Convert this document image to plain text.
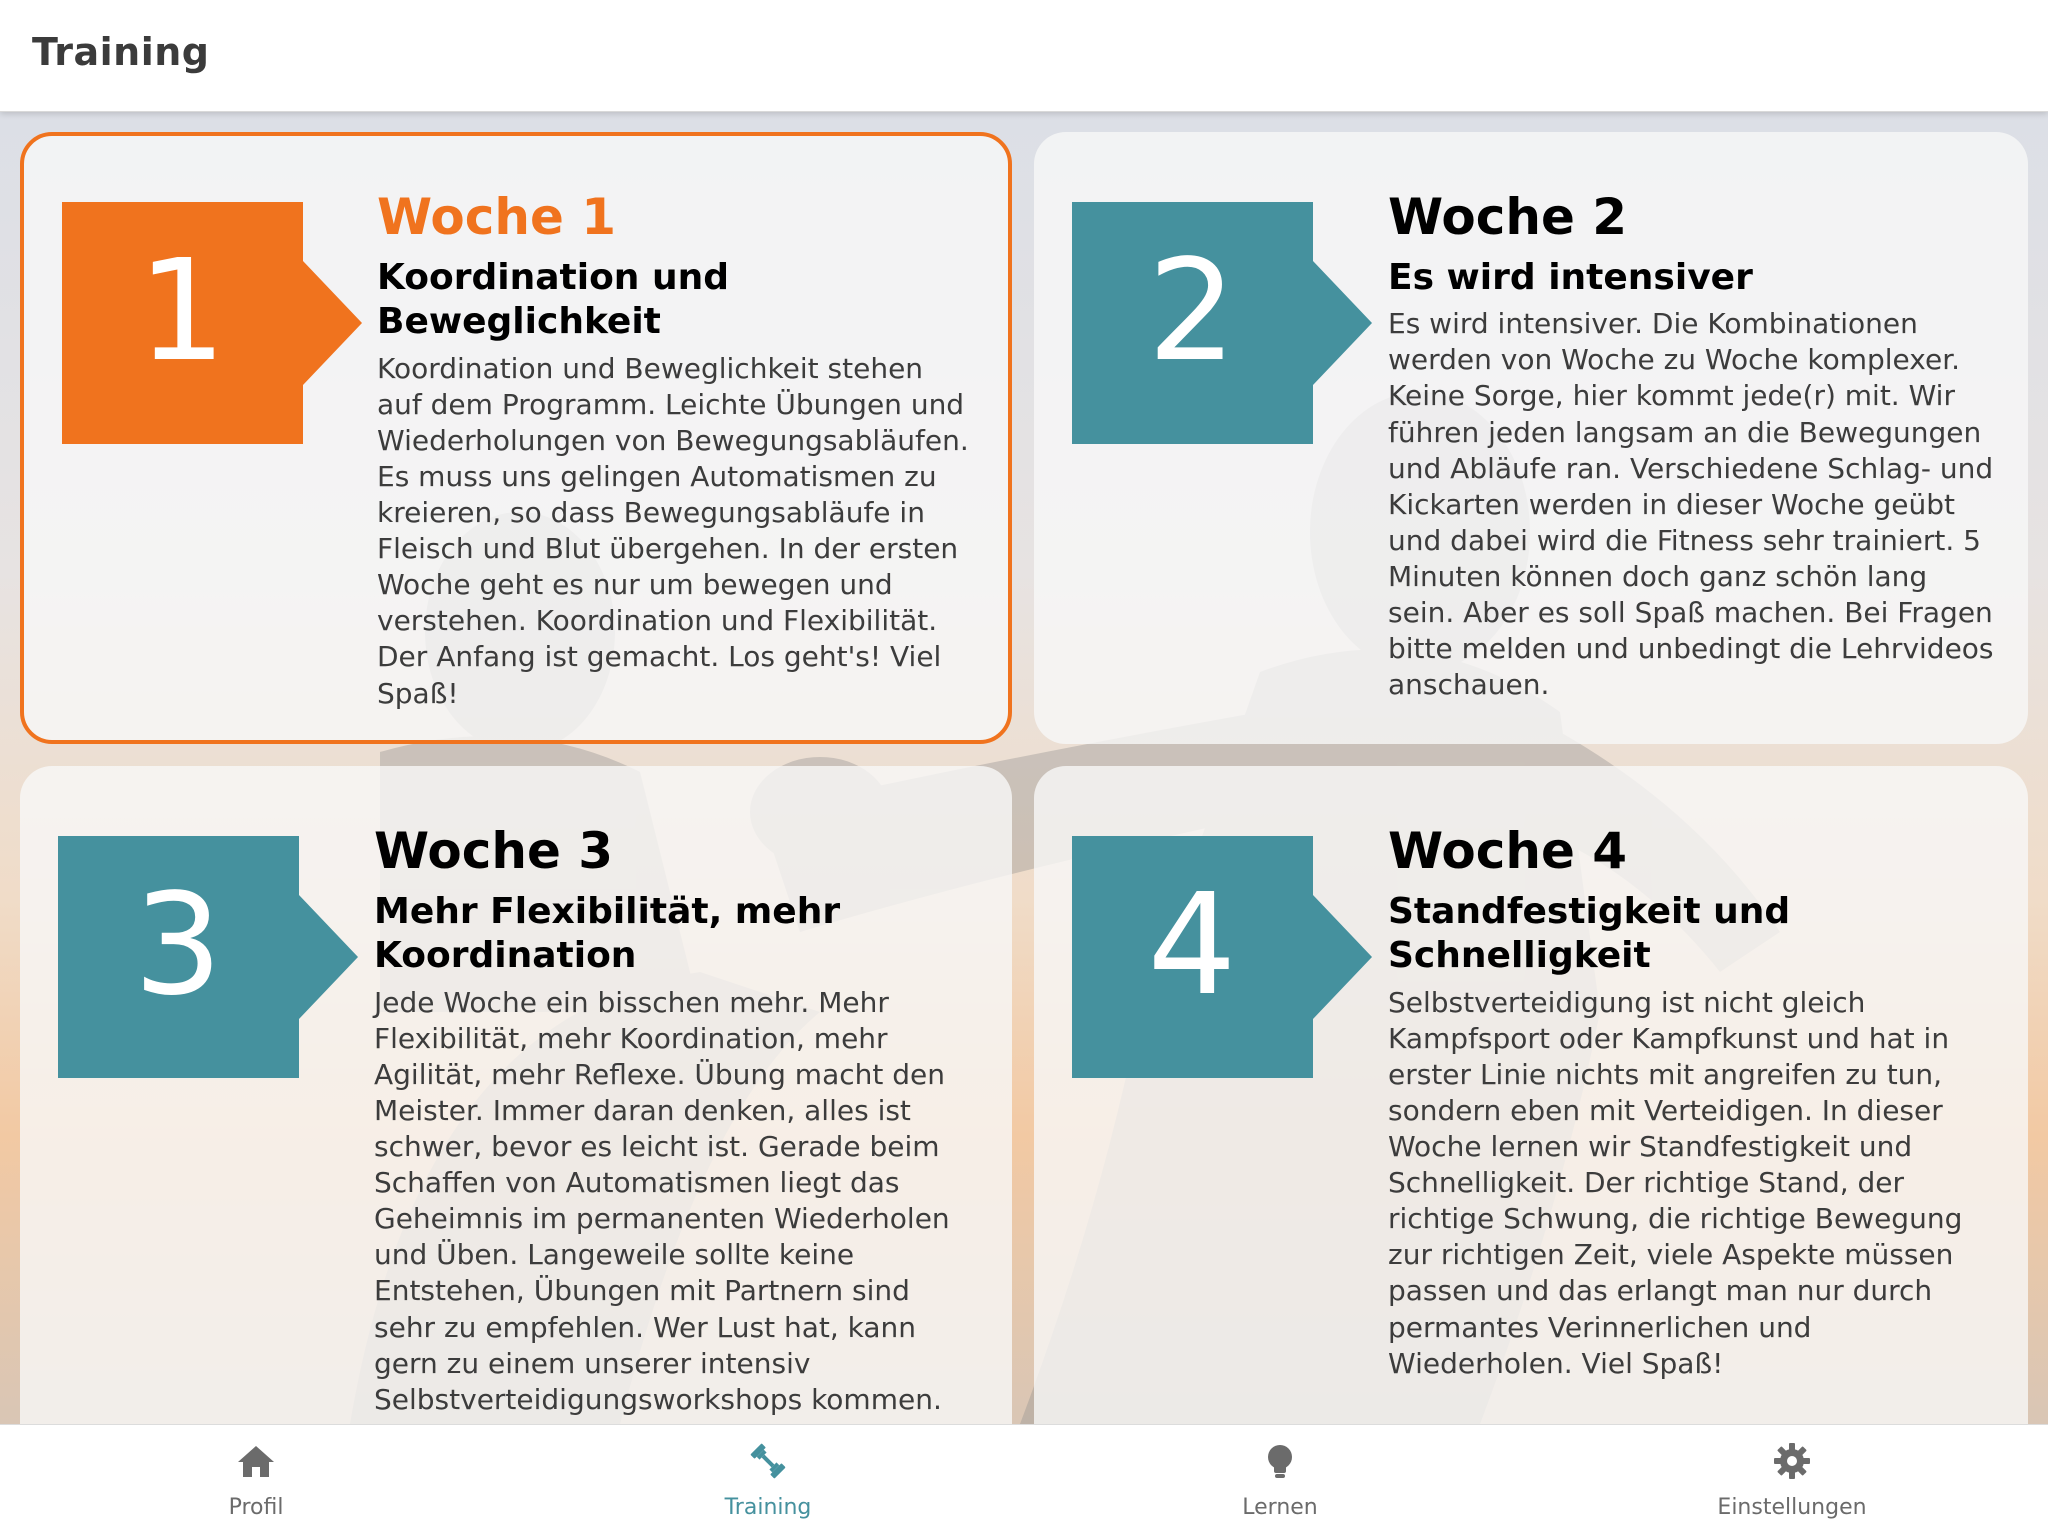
Training
1
Woche 1
Koordination und Beweglichkeit

Koordination und Beweglichkeit stehen auf dem Programm. Leichte Übungen und Wiederholungen von Bewegungsabläufen. Es muss uns gelingen Automatismen zu kreieren, so dass Bewegungsabläufe in Fleisch und Blut übergehen. In der ersten Woche geht es nur um bewegen und verstehen. Koordination und Flexibilität. Der Anfang ist gemacht. Los geht's! Viel Spaß!

2
Woche 2
Es wird intensiver

Es wird intensiver. Die Kombinationen werden von Woche zu Woche komplexer. Keine Sorge, hier kommt jede(r) mit. Wir führen jeden langsam an die Bewegungen und Abläufe ran. Verschiedene Schlag- und Kickarten werden in dieser Woche geübt und dabei wird die Fitness sehr trainiert. 5 Minuten können doch ganz schön lang sein. Aber es soll Spaß machen. Bei Fragen bitte melden und unbedingt die Lehrvideos anschauen.

3
Woche 3
Mehr Flexibilität, mehr Koordination

Jede Woche ein bisschen mehr. Mehr Flexibilität, mehr Koordination, mehr Agilität, mehr Reflexe. Übung macht den Meister. Immer daran denken, alles ist schwer, bevor es leicht ist. Gerade beim Schaffen von Automatismen liegt das Geheimnis im permanenten Wiederholen und Üben. Langeweile sollte keine Entstehen, Übungen mit Partnern sind sehr zu empfehlen. Wer Lust hat, kann gern zu einem unserer intensiv Selbstverteidigungsworkshops kommen.

4
Woche 4
Standfestigkeit und Schnelligkeit

Selbstverteidigung ist nicht gleich Kampfsport oder Kampfkunst und hat in erster Linie nichts mit angreifen zu tun, sondern eben mit Verteidigen. In dieser Woche lernen wir Standfestigkeit und Schnelligkeit. Der richtige Stand, der richtige Schwung, die richtige Bewegung zur richtigen Zeit, viele Aspekte müssen passen und das erlangt man nur durch permantes Verinnerlichen und Wiederholen. Viel Spaß!

Profil	Training	Lernen	Einstellungen
